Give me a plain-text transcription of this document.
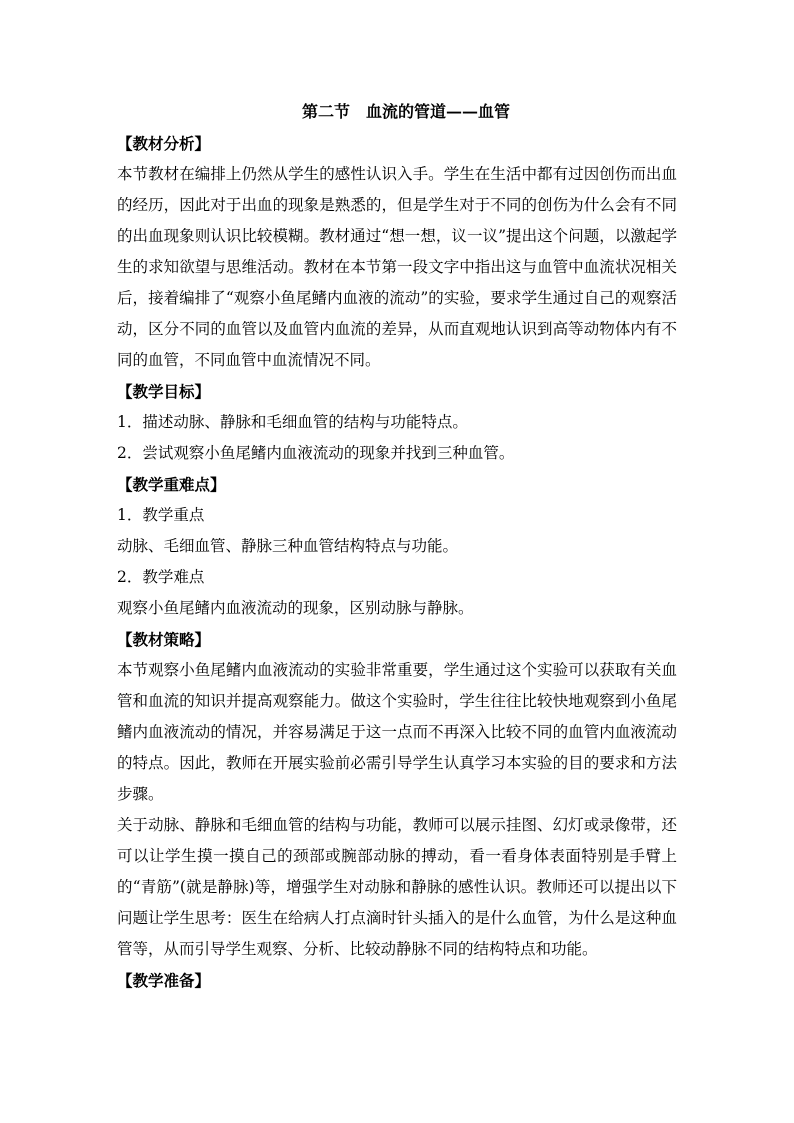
第二节　血流的管道——血管

【教材分析】

本节教材在编排上仍然从学生的感性认识入手。学生在生活中都有过因创伤而出血的经历，因此对于出血的现象是熟悉的，但是学生对于不同的创伤为什么会有不同的出血现象则认识比较模糊。教材通过“想一想，议一议”提出这个问题，以激起学生的求知欲望与思维活动。教材在本节第一段文字中指出这与血管中血流状况相关后，接着编排了“观察小鱼尾鳍内血液的流动”的实验，要求学生通过自己的观察活动，区分不同的血管以及血管内血流的差异，从而直观地认识到高等动物体内有不同的血管，不同血管中血流情况不同。

【教学目标】

1．描述动脉、静脉和毛细血管的结构与功能特点。

2．尝试观察小鱼尾鳍内血液流动的现象并找到三种血管。

【教学重难点】

1．教学重点

动脉、毛细血管、静脉三种血管结构特点与功能。

2．教学难点

观察小鱼尾鳍内血液流动的现象，区别动脉与静脉。

【教材策略】

本节观察小鱼尾鳍内血液流动的实验非常重要，学生通过这个实验可以获取有关血管和血流的知识并提高观察能力。做这个实验时，学生往往比较快地观察到小鱼尾鳍内血液流动的情况，并容易满足于这一点而不再深入比较不同的血管内血液流动的特点。因此，教师在开展实验前必需引导学生认真学习本实验的目的要求和方法步骤。

关于动脉、静脉和毛细血管的结构与功能，教师可以展示挂图、幻灯或录像带，还可以让学生摸一摸自己的颈部或腕部动脉的搏动，看一看身体表面特别是手臂上的“青筋”(就是静脉)等，增强学生对动脉和静脉的感性认识。教师还可以提出以下问题让学生思考：医生在给病人打点滴时针头插入的是什么血管，为什么是这种血管等，从而引导学生观察、分析、比较动静脉不同的结构特点和功能。

【教学准备】
